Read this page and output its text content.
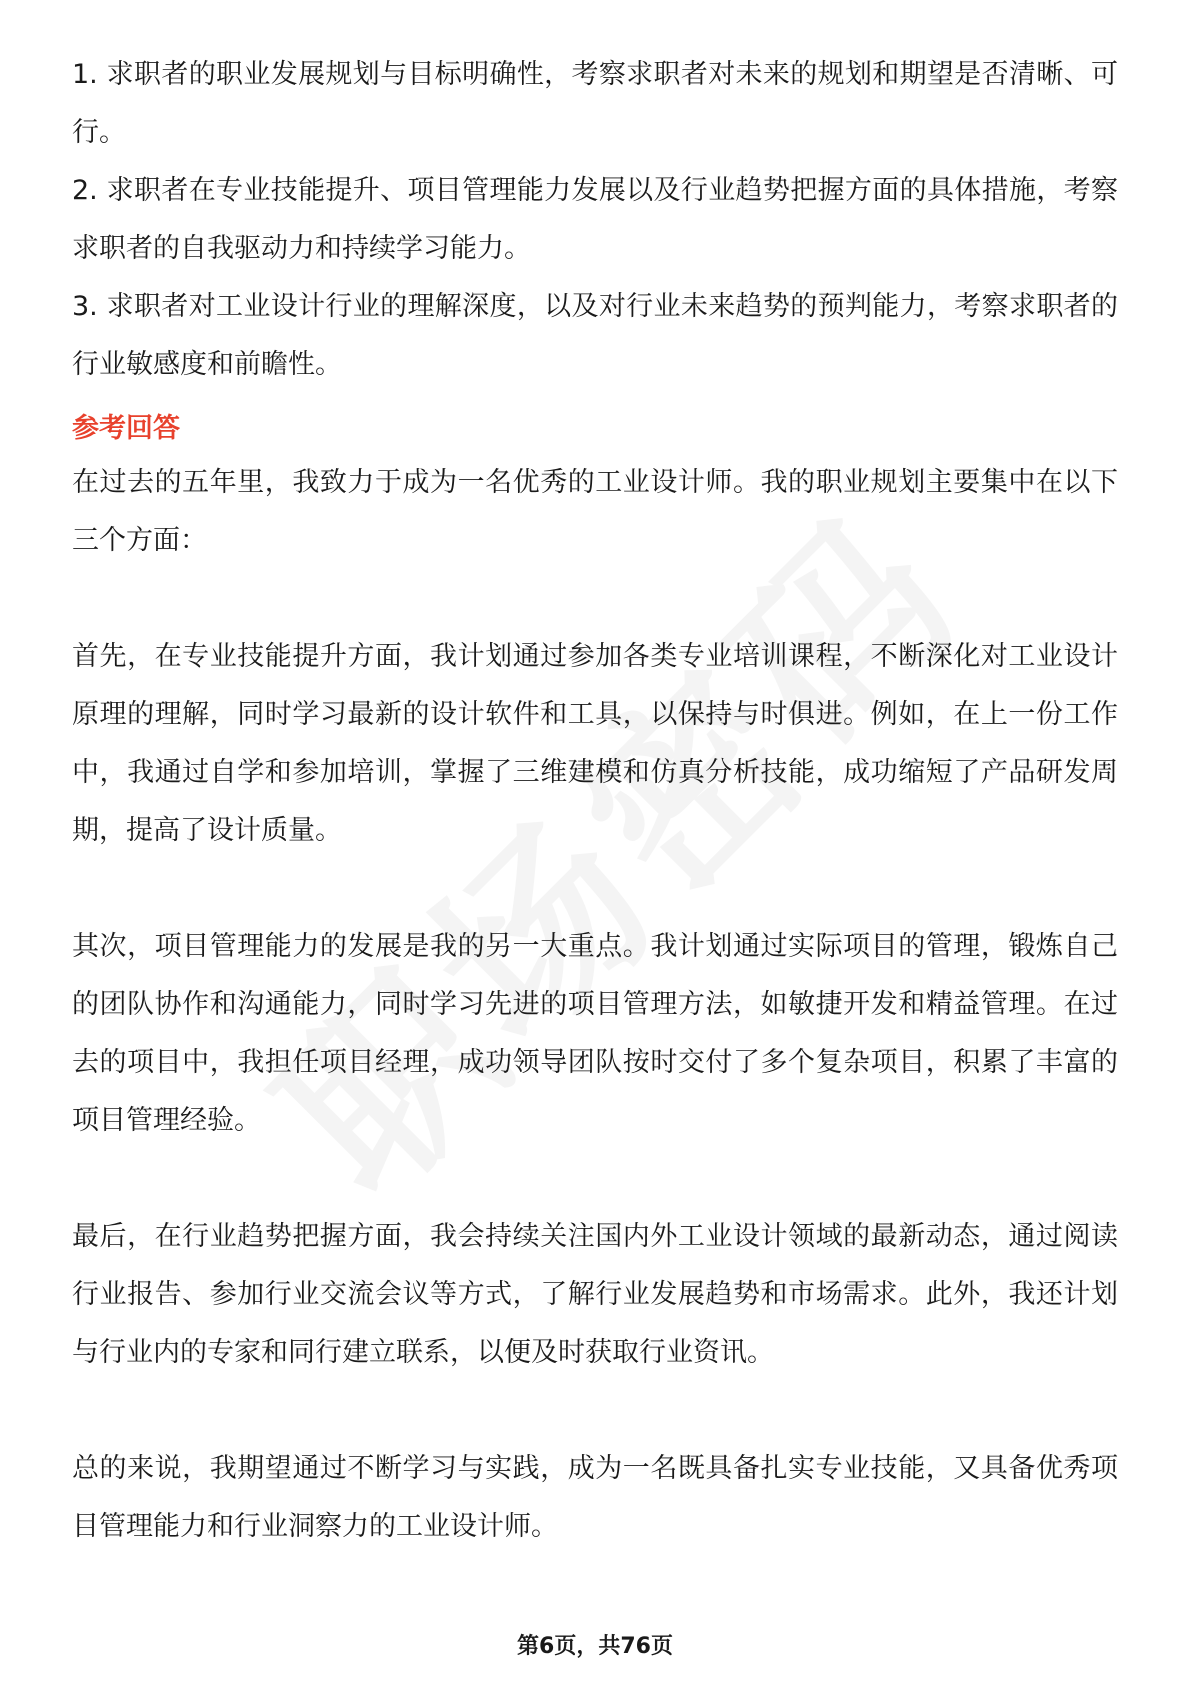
1. 求职者的职业发展规划与目标明确性，考察求职者对未来的规划和期望是否清晰、可行。

2. 求职者在专业技能提升、项目管理能力发展以及行业趋势把握方面的具体措施，考察求职者的自我驱动力和持续学习能力。

3. 求职者对工业设计行业的理解深度，以及对行业未来趋势的预判能力，考察求职者的行业敏感度和前瞻性。

参考回答

在过去的五年里，我致力于成为一名优秀的工业设计师。我的职业规划主要集中在以下三个方面：

首先，在专业技能提升方面，我计划通过参加各类专业培训课程，不断深化对工业设计原理的理解，同时学习最新的设计软件和工具，以保持与时俱进。例如，在上一份工作中，我通过自学和参加培训，掌握了三维建模和仿真分析技能，成功缩短了产品研发周期，提高了设计质量。

其次，项目管理能力的发展是我的另一大重点。我计划通过实际项目的管理，锻炼自己的团队协作和沟通能力，同时学习先进的项目管理方法，如敏捷开发和精益管理。在过去的项目中，我担任项目经理，成功领导团队按时交付了多个复杂项目，积累了丰富的项目管理经验。

最后，在行业趋势把握方面，我会持续关注国内外工业设计领域的最新动态，通过阅读行业报告、参加行业交流会议等方式，了解行业发展趋势和市场需求。此外，我还计划与行业内的专家和同行建立联系，以便及时获取行业资讯。

总的来说，我期望通过不断学习与实践，成为一名既具备扎实专业技能，又具备优秀项目管理能力和行业洞察力的工业设计师。

第6页，共76页
